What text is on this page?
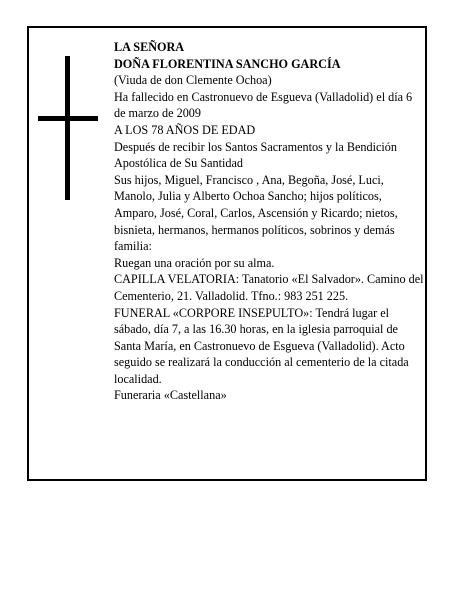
LA SEÑORA

DOÑA FLORENTINA SANCHO GARCÍA

(Viuda de don Clemente Ochoa)

Ha fallecido en Castronuevo de Esgueva (Valladolid) el día 6 de marzo de 2009

A LOS 78 AÑOS DE EDAD

Después de recibir los Santos Sacramentos y la Bendición Apostólica de Su Santidad

Sus hijos, Miguel, Francisco , Ana, Begoña, José, Luci, Manolo, Julia y Alberto Ochoa Sancho; hijos políticos, Amparo, José, Coral, Carlos, Ascensión y Ricardo; nietos, bisnieta, hermanos, hermanos políticos, sobrinos y demás familia:

Ruegan una oración por su alma.

CAPILLA VELATORIA: Tanatorio «El Salvador». Camino del Cementerio, 21. Valladolid. Tfno.: 983 251 225.

FUNERAL «CORPORE INSEPULTO»: Tendrá lugar el sábado, día 7, a las 16.30 horas, en la iglesia parroquial de Santa María, en Castronuevo de Esgueva (Valladolid). Acto seguido se realizará la conducción al cementerio de la citada localidad.

Funeraria «Castellana»
